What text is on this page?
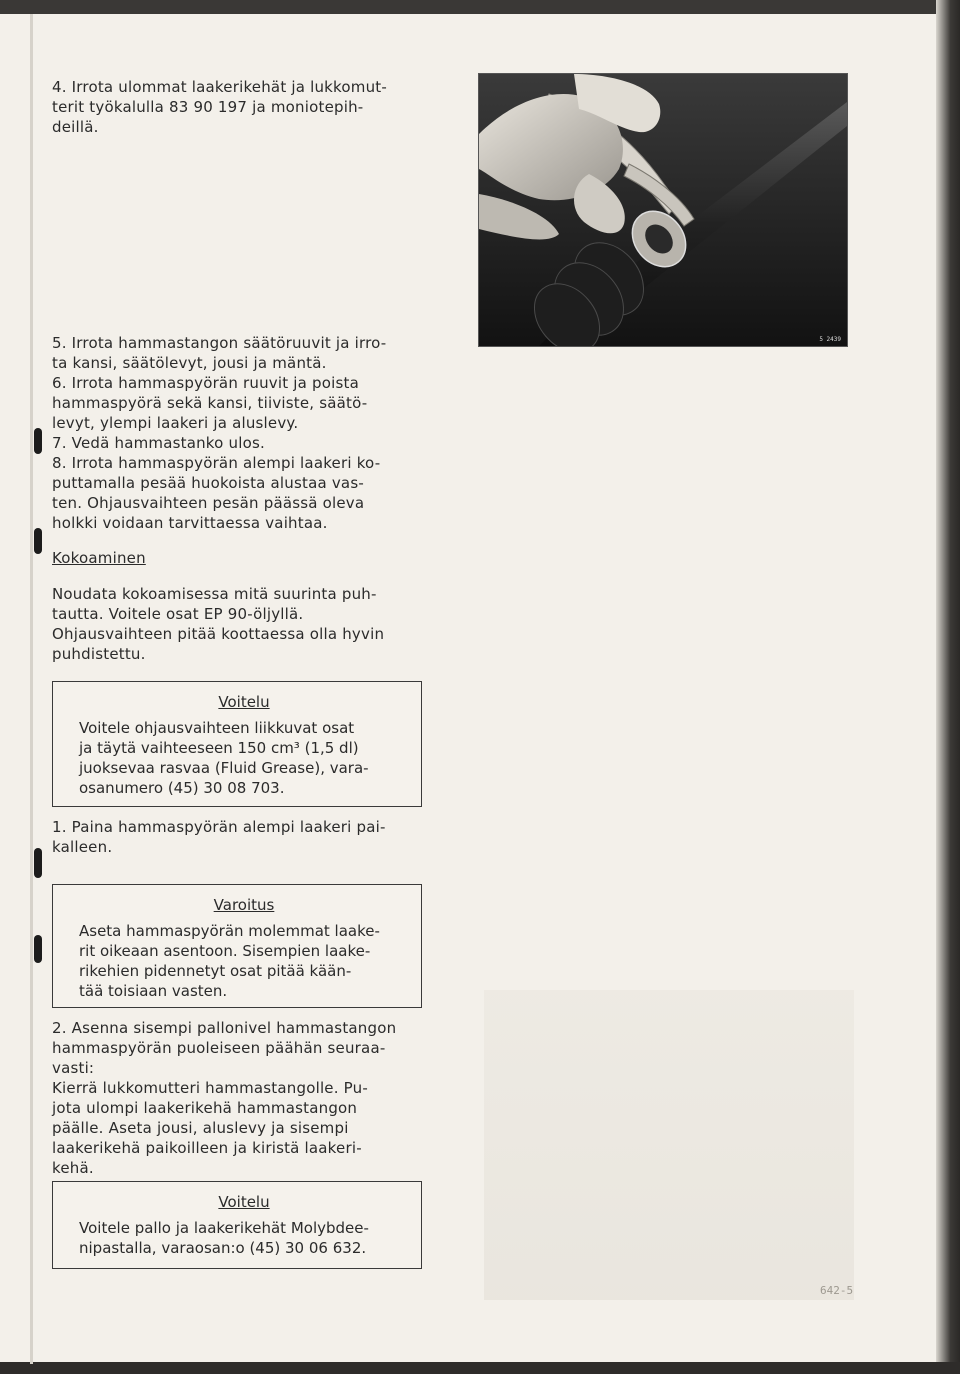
5 2439

4. Irrota ulommat laakerikehät ja lukkomut-
terit työkalulla 83 90 197 ja moniotepih-
deillä.

5. Irrota hammastangon säätöruuvit ja irro-
ta kansi, säätölevyt, jousi ja mäntä.
6. Irrota hammaspyörän ruuvit ja poista
hammaspyörä sekä kansi, tiiviste, säätö-
levyt, ylempi laakeri ja aluslevy.
7. Vedä hammastanko ulos.
8. Irrota hammaspyörän alempi laakeri ko-
puttamalla pesää huokoista alustaa vas-
ten. Ohjausvaihteen pesän päässä oleva
holkki voidaan tarvittaessa vaihtaa.

Kokoaminen

Noudata kokoamisessa mitä suurinta puh-
tautta. Voitele osat EP 90-öljyllä.
Ohjausvaihteen pitää koottaessa olla hyvin
puhdistettu.

Voitelu
Voitele ohjausvaihteen liikkuvat osat
ja täytä vaihteeseen 150 cm³ (1,5 dl)
juoksevaa rasvaa (Fluid Grease), vara-
osanumero (45) 30 08 703.

1. Paina hammaspyörän alempi laakeri pai-
kalleen.

Varoitus
Aseta hammaspyörän molemmat laake-
rit oikeaan asentoon. Sisempien laake-
rikehien pidennetyt osat pitää kään-
tää toisiaan vasten.

2. Asenna sisempi pallonivel hammastangon
hammaspyörän puoleiseen päähän seuraa-
vasti:
Kierrä lukkomutteri hammastangolle. Pu-
jota ulompi laakerikehä hammastangon
päälle. Aseta jousi, aluslevy ja sisempi
laakerikehä paikoilleen ja kiristä laakeri-
kehä.

Voitelu
Voitele pallo ja laakerikehät Molybdee-
nipastalla, varaosan:o (45) 30 06 632.
642-5
